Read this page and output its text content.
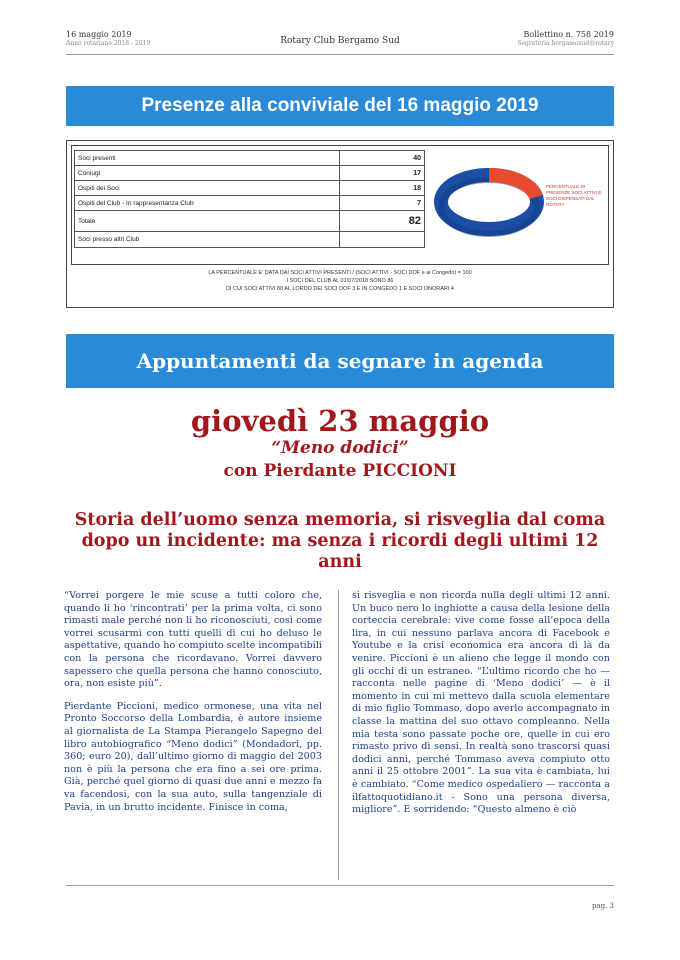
16 maggio 2019
Anno rotariano 2018 - 2019	Rotary Club Bergamo Sud
Bollettino n. 758 2019
Segreteria bergamosud@rotary
Presenze alla conviviale del 16 maggio 2019
Soci presenti	40
Coniugi	17
Ospiti dei Soci	18
Ospiti del Club - In rappresentanza Club	7
Totale	82
Soci presso altri Club	
PERCENTUALE DI PRESENZE SOCI ATTIVI E SOCI DISPENSATI DAL ROTARY
LA PERCENTUALE E' DATA DAI SOCI ATTIVI PRESENTI / (SOCI ATTIVI - SOCI DOF e ai Congedo) = 100
I SOCI DEL CLUB AL 01/07/2018 SONO 86
DI CUI SOCI ATTIVI 80 AL LORDO DEI SOCI DOF 3 E IN CONGEDO 1 E SOCI ONORARI 4
Appuntamenti da segnare in agenda
giovedì 23 maggio
“Meno dodici”
con Pierdante PICCIONI
Storia dell’uomo senza memoria, si risveglia dal coma dopo un incidente: ma senza i ricordi degli ultimi 12 anni

“Vorrei porgere le mie scuse a tutti coloro che, quando li ho ‘rincontrati’ per la prima volta, ci sono rimasti male perché non li ho riconosciuti, così come vorrei scusarmi con tutti quelli di cui ho deluso le aspettative, quando ho compiuto scelte incompatibili con la persona che ricordavano. Vorrei davvero sapessero che quella persona che hanno conosciuto, ora, non esiste più”.

Pierdante Piccioni, medico ormonese, una vita nel Pronto Soccorso della Lombardia, è autore insieme al giornalista de La Stampa Pierangelo Sapegno del libro autobiografico “Meno dodici” (Mondadori, pp. 360; euro 20), dall’ultimo giorno di maggio del 2003 non è più la persona che era fino a sei ore prima. Già, perché quel giorno di quasi due anni e mezzo fa va facendosi, con la sua auto, sulla tangenziale di Pavia, in un brutto incidente. Finisce in coma,

si risveglia e non ricorda nulla degli ultimi 12 anni. Un buco nero lo inghiotte a causa della lesione della corteccia cerebrale: vive come fosse all’epoca della lira, in cui nessuno parlava ancora di Facebook e Youtube e la crisi economica era ancora di là da venire. Piccioni è un alieno che legge il mondo con gli occhi di un estraneo. “L’ultimo ricordo che ho — racconta nelle pagine di ‘Meno dodici’ — è il momento in cui mi mettevo dalla scuola elementare di mio figlio Tommaso, dopo averlo accompagnato in classe la mattina del suo ottavo compleanno. Nella mia testa sono passate poche ore, quelle in cui ero rimasto privo di sensi. In realtà sono trascorsi quasi dodici anni, perché Tommaso aveva compiuto otto anni il 25 ottobre 2001”. La sua vita è cambiata, lui è cambiato. “Come medico ospedaliero — racconta a ilfattoquotidiano.it - Sono una persona diversa, migliore”. E sorridendo: “Questo almeno è ciò

pag. 3
